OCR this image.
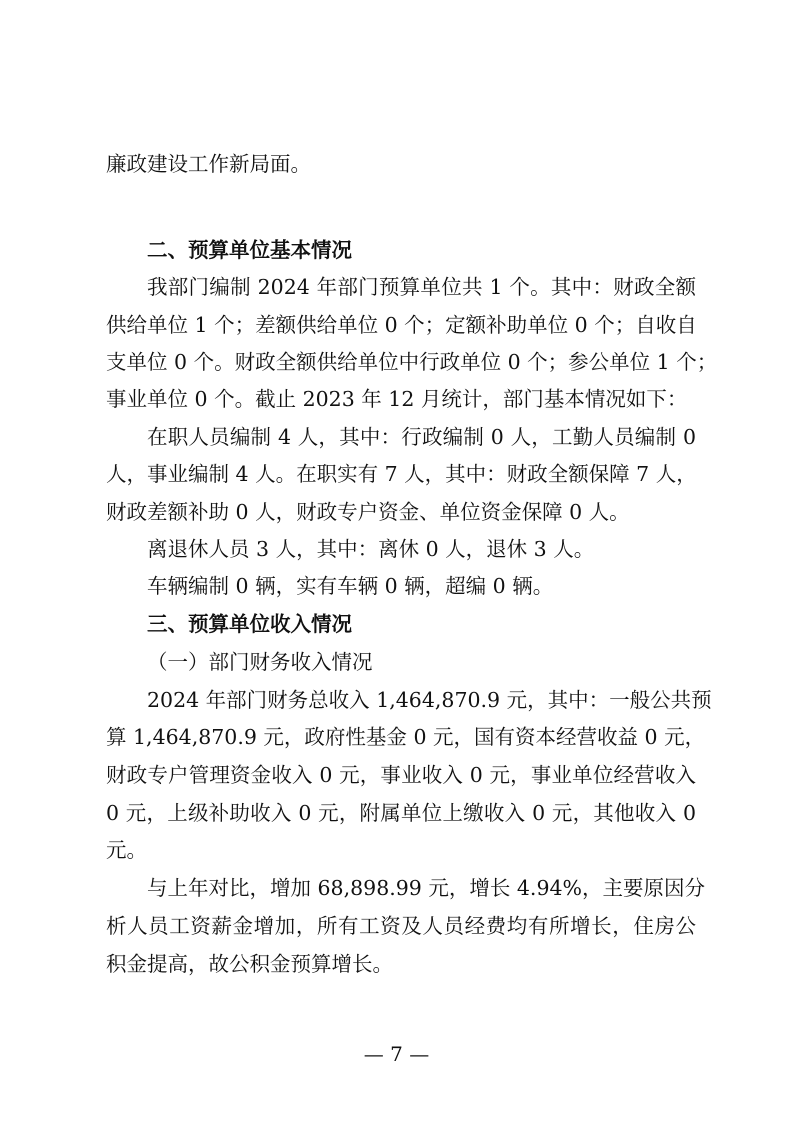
廉政建设工作新局面。
二、预算单位基本情况
我部门编制 2024 年部门预算单位共 1 个。其中：财政全额
供给单位 1 个；差额供给单位 0 个；定额补助单位 0 个；自收自
支单位 0 个。财政全额供给单位中行政单位 0 个；参公单位 1 个；
事业单位 0 个。截止 2023 年 12 月统计，部门基本情况如下：
在职人员编制 4 人，其中：行政编制 0 人，工勤人员编制 0
人，事业编制 4 人。在职实有 7 人，其中：财政全额保障 7 人，
财政差额补助 0 人，财政专户资金、单位资金保障 0 人。
离退休人员 3 人，其中：离休 0 人，退休 3 人。
车辆编制 0 辆，实有车辆 0 辆，超编 0 辆。
三、预算单位收入情况
（一）部门财务收入情况
2024 年部门财务总收入 1,464,870.9 元，其中：一般公共预
算 1,464,870.9 元，政府性基金 0 元，国有资本经营收益 0 元，
财政专户管理资金收入 0 元，事业收入 0 元，事业单位经营收入
0 元，上级补助收入 0 元，附属单位上缴收入 0 元，其他收入 0
元。
与上年对比，增加 68,898.99 元，增长 4.94%，主要原因分
析人员工资薪金增加，所有工资及人员经费均有所增长，住房公
积金提高，故公积金预算增长。
— 7 —
